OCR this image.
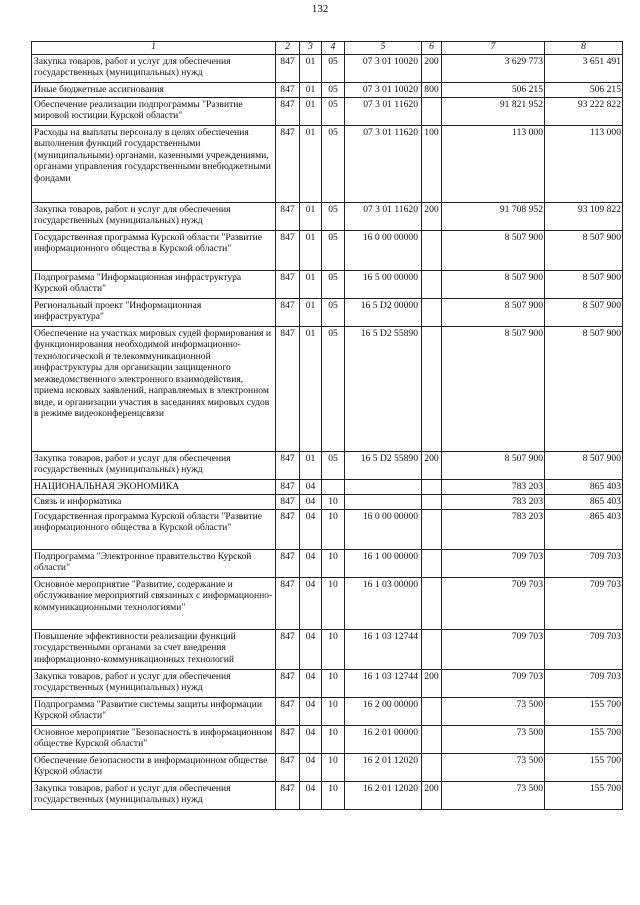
132
1	2	3	4	5	6	7	8
Закупка товаров, работ и услуг для обеспечения государственных (муниципальных) нужд	847	01	05	07 3 01 10020	200	3 629 773	3 651 491
Иные бюджетные ассигнования	847	01	05	07 3 01 10020	800	506 215	506 215
Обеспечение реализации подпрограммы "Развитие мировой юстиции Курской области"	847	01	05	07 3 01 11620		91 821 952	93 222 822
Расходы на выплаты персоналу в целях обеспечения выполнения функций государственными (муниципальными) органами, казенными учреждениями, органами управления государственными внебюджетными фондами	847	01	05	07 3 01 11620	100	113 000	113 000
Закупка товаров, работ и услуг для обеспечения государственных (муниципальных) нужд	847	01	05	07 3 01 11620	200	91 708 952	93 109 822
Государственная программа Курской области "Развитие информационного общества в Курской области"	847	01	05	16 0 00 00000		8 507 900	8 507 900
Подпрограмма "Информационная инфраструктура Курской области"	847	01	05	16 5 00 00000		8 507 900	8 507 900
Региональный проект "Информационная инфраструктура"	847	01	05	16 5 D2 00000		8 507 900	8 507 900
Обеспечение на участках мировых судей формирования и функционирования необходимой информационно-технологической и телекоммуникационной инфраструктуры для организации защищенного межведомственного электронного взаимодействия, приема исковых заявлений, направляемых в электронном виде, и организации участия в заседаниях мировых судов в режиме видеоконференцсвязи	847	01	05	16 5 D2 55890		8 507 900	8 507 900
Закупка товаров, работ и услуг для обеспечения государственных (муниципальных) нужд	847	01	05	16 5 D2 55890	200	8 507 900	8 507 900
НАЦИОНАЛЬНАЯ ЭКОНОМИКА	847	04				783 203	865 403
Связь и информатика	847	04	10			783 203	865 403
Государственная программа Курской области "Развитие информационного общества в Курской области"	847	04	10	16 0 00 00000		783 203	865 403
Подпрограмма "Электронное правительство Курской области"	847	04	10	16 1 00 00000		709 703	709 703
Основное мероприятие "Развитие, содержание и обслуживание мероприятий связанных с информационно-коммуникационными технологиями"	847	04	10	16 1 03 00000		709 703	709 703
Повышение эффективности реализации функций государственными органами за счет внедрения информационно-коммуникационных технологий	847	04	10	16 1 03 12744		709 703	709 703
Закупка товаров, работ и услуг для обеспечения государственных (муниципальных) нужд	847	04	10	16 1 03 12744	200	709 703	709 703
Подпрограмма "Развитие системы защиты информации Курской области"	847	04	10	16 2 00 00000		73 500	155 700
Основное мероприятие "Безопасность в информационном обществе Курской области"	847	04	10	16 2 01 00000		73 500	155 700
Обеспечение безопасности в информационном обществе Курской области	847	04	10	16 2 01 12020		73 500	155 700
Закупка товаров, работ и услуг для обеспечения государственных (муниципальных) нужд	847	04	10	16 2 01 12020	200	73 500	155 700
